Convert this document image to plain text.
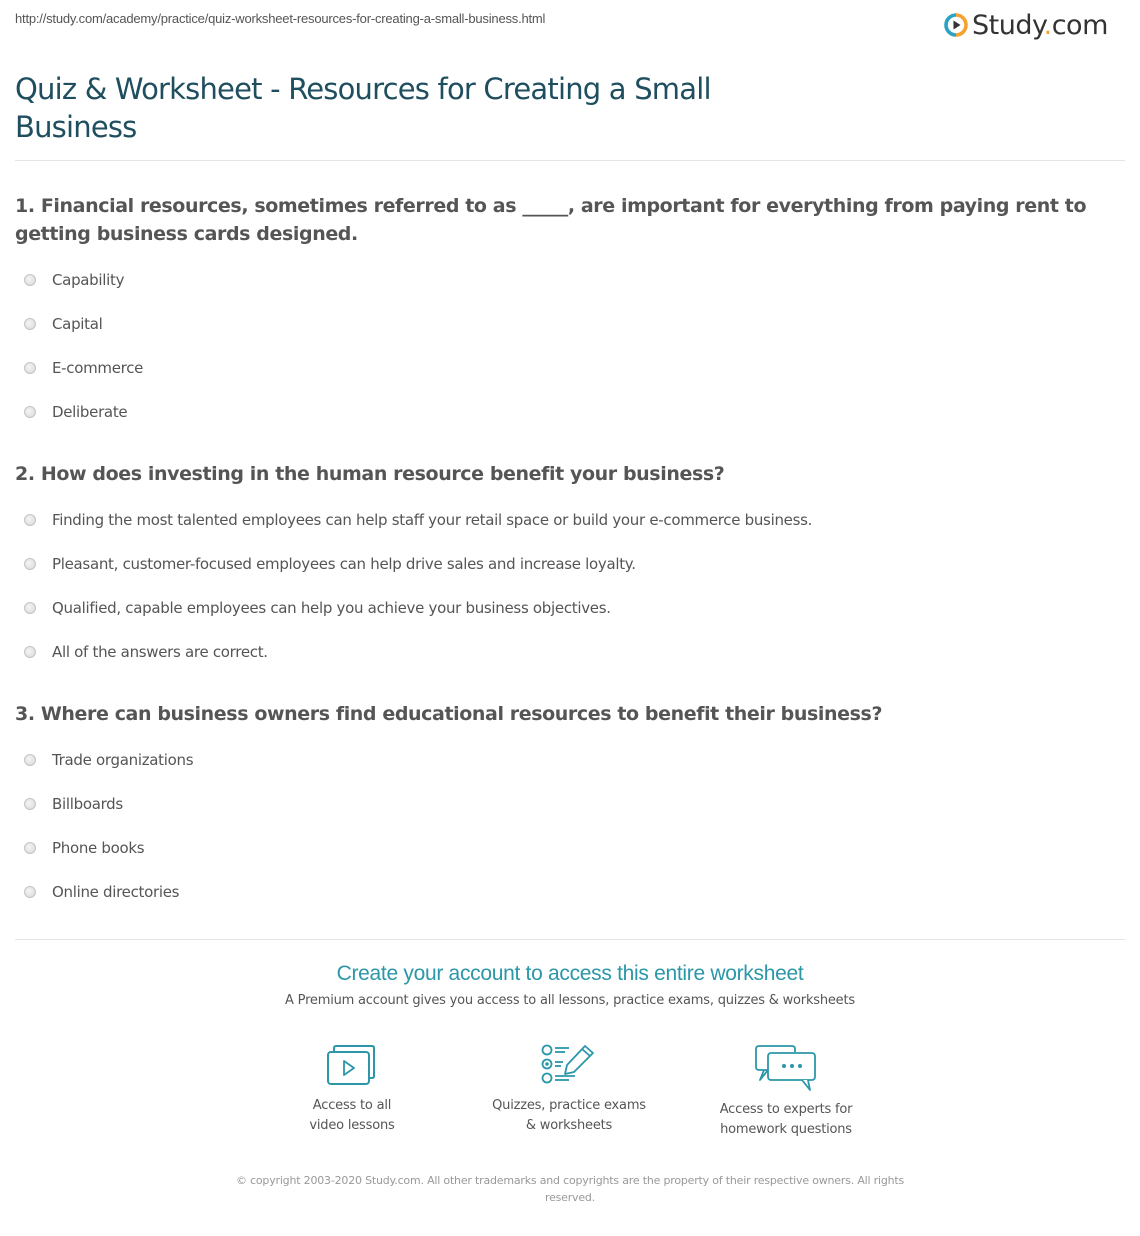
http://study.com/academy/practice/quiz-worksheet-resources-for-creating-a-small-business.html	Study.com
Quiz & Worksheet - Resources for Creating a Small Business

1. Financial resources, sometimes referred to as _____, are important for everything from paying rent to getting business cards designed.

Capability
Capital
E-commerce
Deliberate

2. How does investing in the human resource benefit your business?

Finding the most talented employees can help staff your retail space or build your e-commerce business.
Pleasant, customer-focused employees can help drive sales and increase loyalty.
Qualified, capable employees can help you achieve your business objectives.
All of the answers are correct.

3. Where can business owners find educational resources to benefit their business?

Trade organizations
Billboards
Phone books
Online directories
Create your account to access this entire worksheet
A Premium account gives you access to all lessons, practice exams, quizzes & worksheets
Access to all
video lessons
Quizzes, practice exams
& worksheets
Access to experts for
homework questions
© copyright 2003-2020 Study.com. All other trademarks and copyrights are the property of their respective owners. All rights reserved.
